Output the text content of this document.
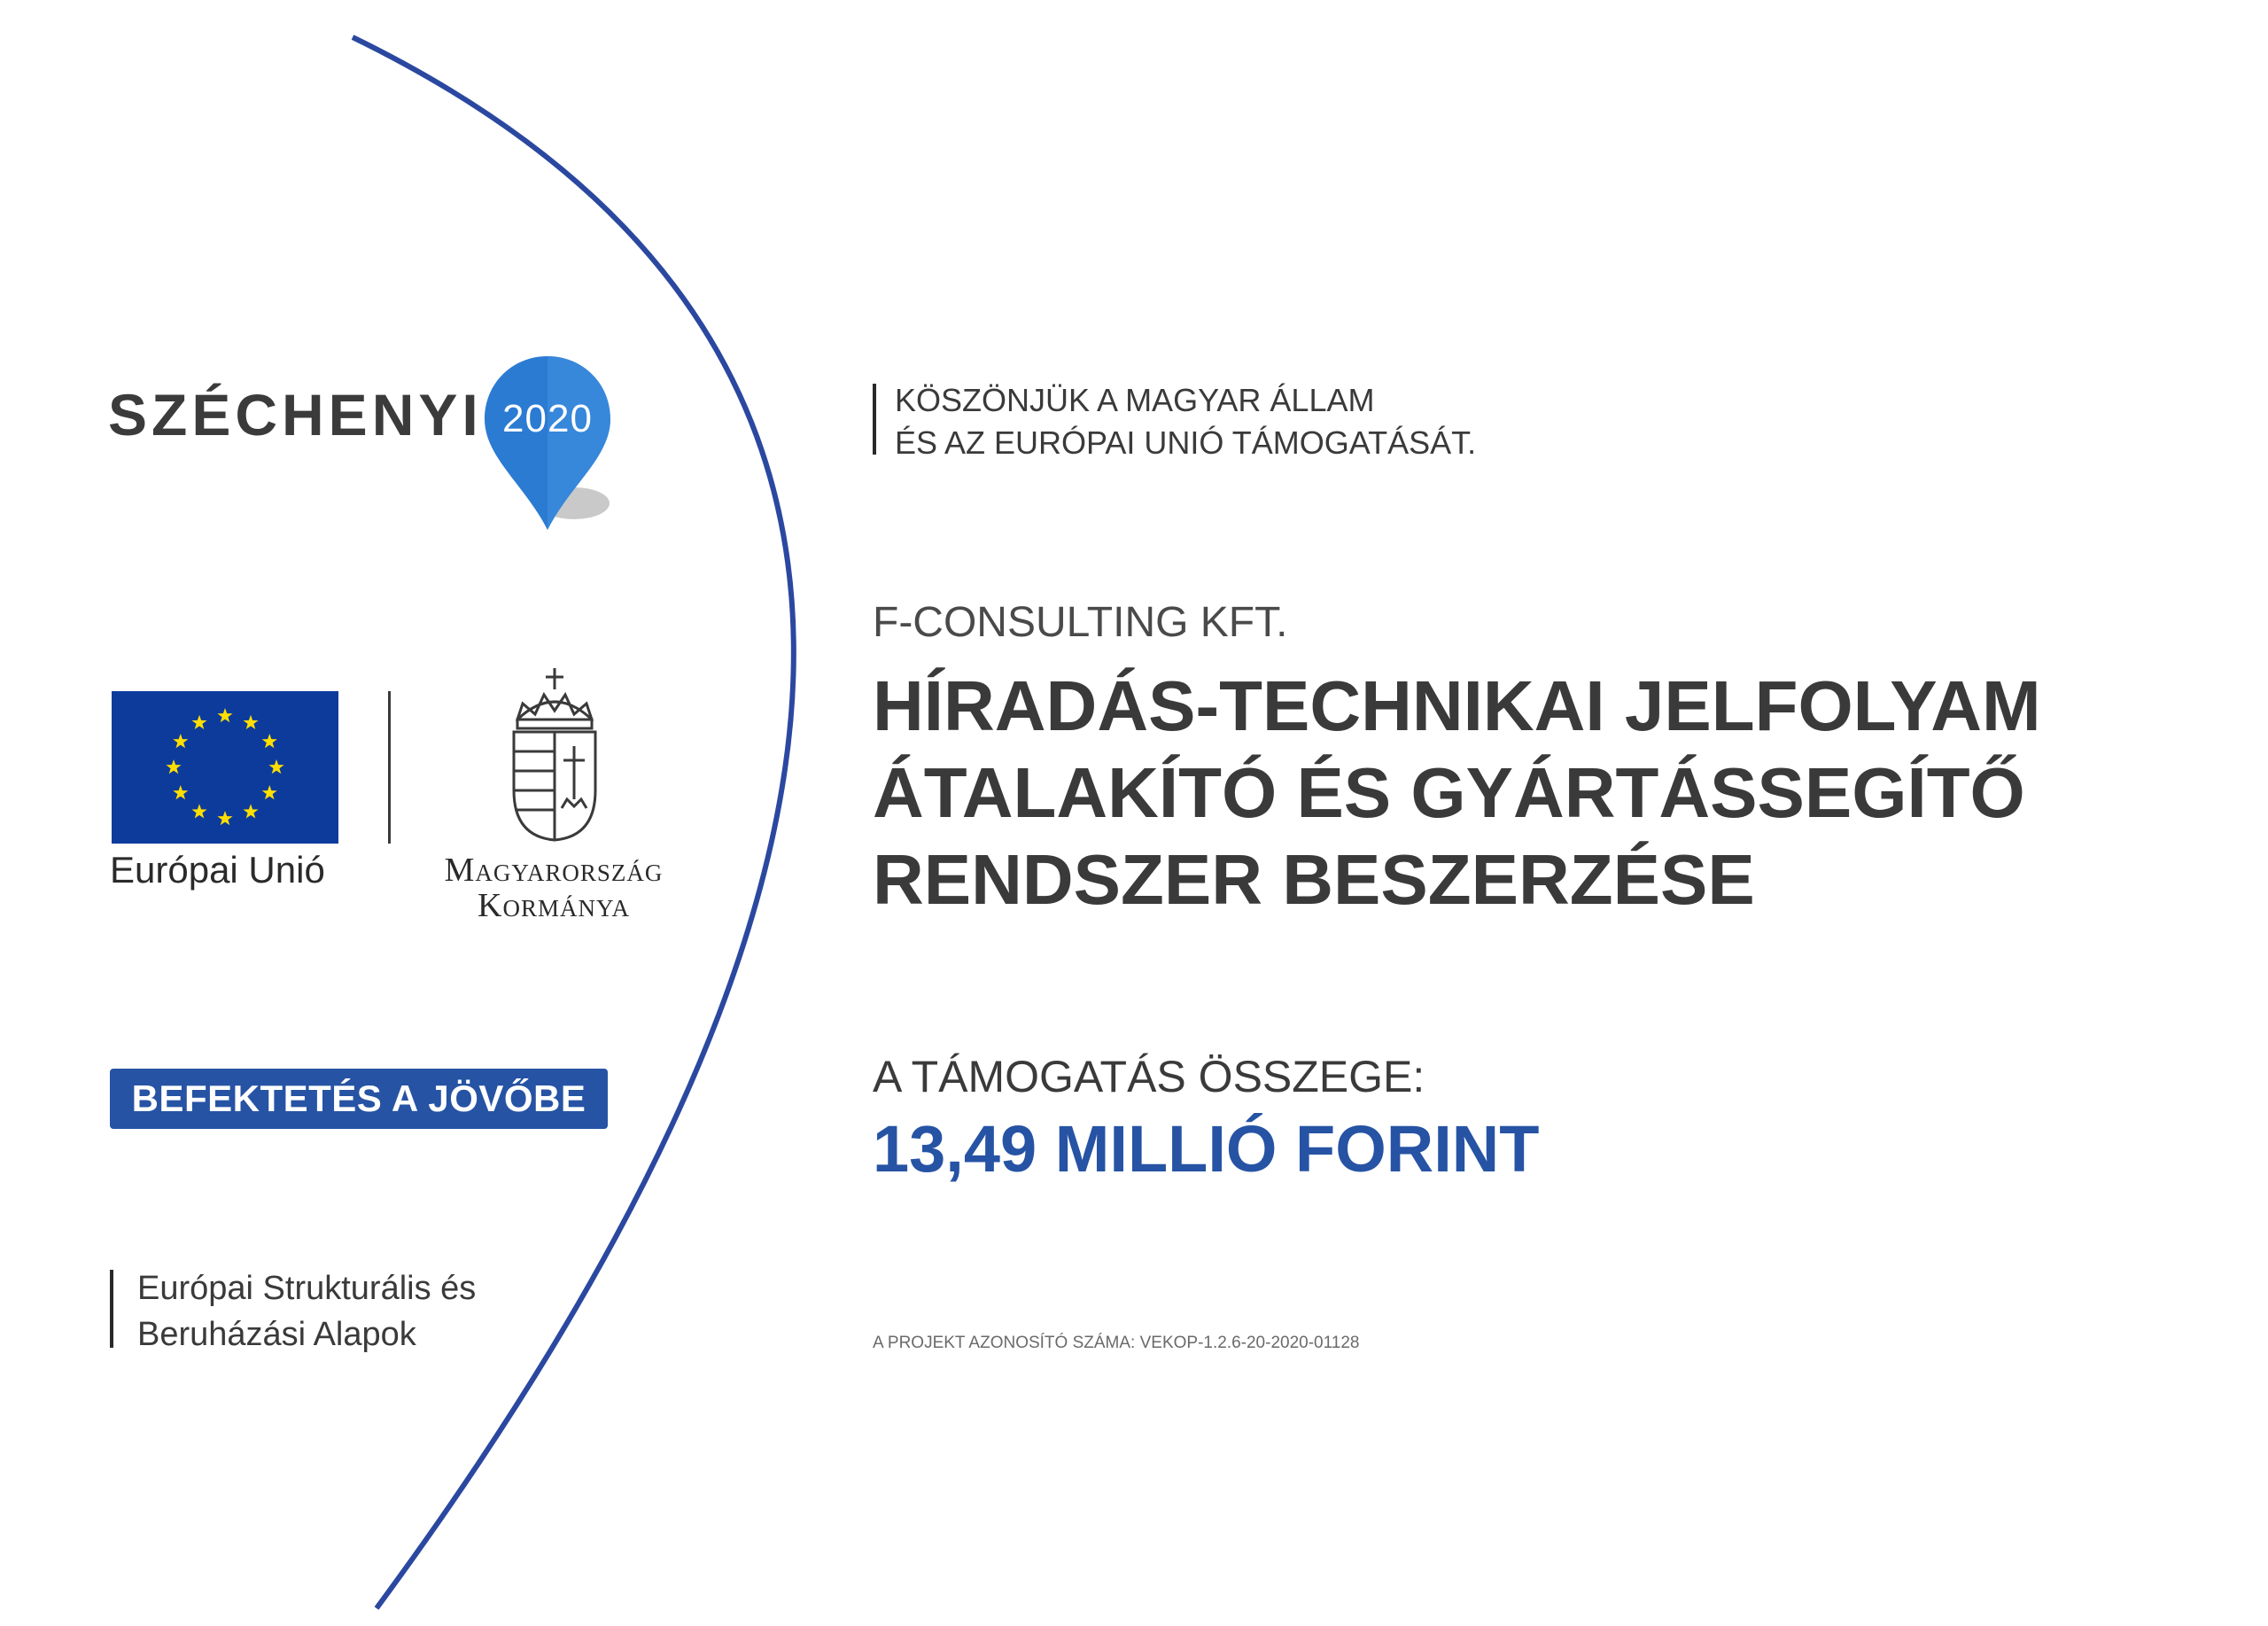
SZÉCHENYI 2020
Európai Unió	Magyarország
Kormánya
BEFEKTETÉS A JÖVŐBE
Európai Strukturális és
Beruházási Alapok
KÖSZÖNJÜK A MAGYAR ÁLLAM
ÉS AZ EURÓPAI UNIÓ TÁMOGATÁSÁT.
F-CONSULTING KFT.
HÍRADÁS-TECHNIKAI JELFOLYAM
ÁTALAKÍTÓ ÉS GYÁRTÁSSEGÍTŐ
RENDSZER BESZERZÉSE
A TÁMOGATÁS ÖSSZEGE:
13,49 MILLIÓ FORINT
A PROJEKT AZONOSÍTÓ SZÁMA: VEKOP-1.2.6-20-2020-01128
